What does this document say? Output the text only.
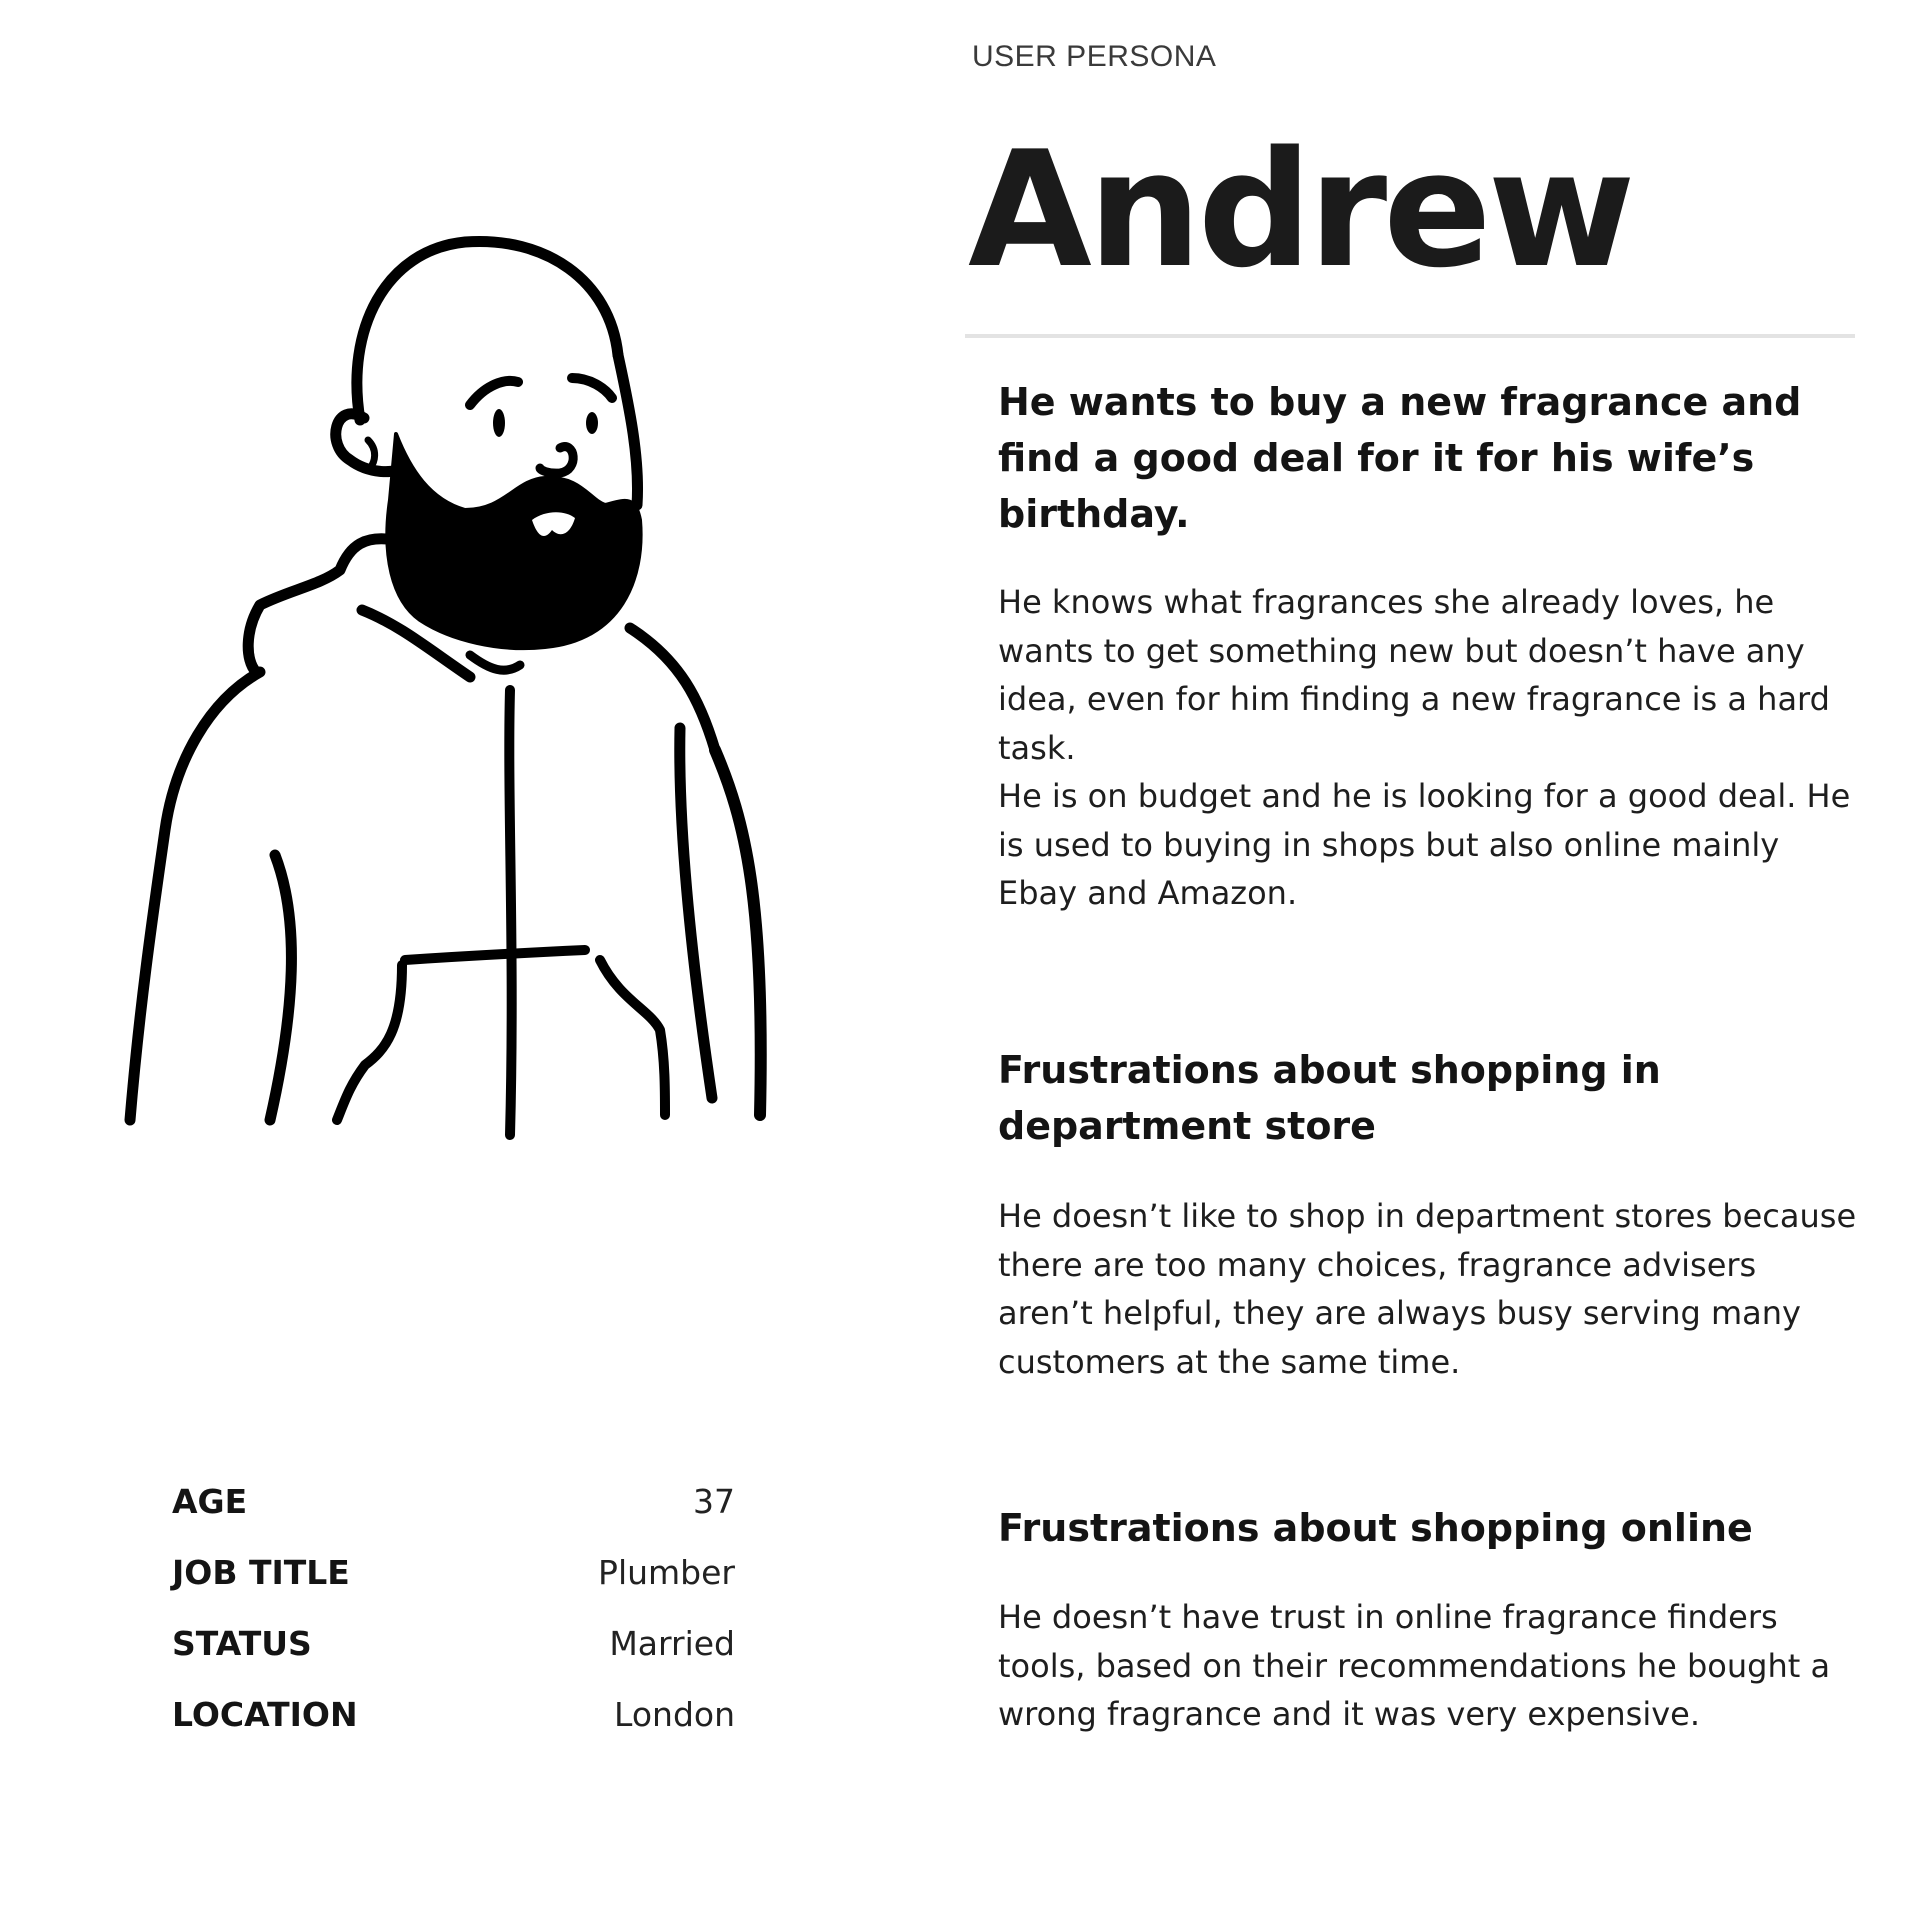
USER PERSONA
Andrew
He wants to buy a new fragrance and find a good deal for it for his wife’s birthday.
He knows what fragrances she already loves, he wants to get something new but doesn’t have any idea, even for him finding a new fragrance is a hard task.
He is on budget and he is looking for a good deal. He is used to buying in shops but also online mainly Ebay and Amazon.
Frustrations about shopping in department store
He doesn’t like to shop in department stores because there are too many choices, fragrance advisers aren’t helpful, they are always busy serving many customers at the same time.
Frustrations about shopping online
He doesn’t have trust in online fragrance finders tools, based on their recommendations he bought a wrong fragrance and it was very expensive.
AGE	37
JOB TITLE	Plumber
STATUS	Married
LOCATION	London
